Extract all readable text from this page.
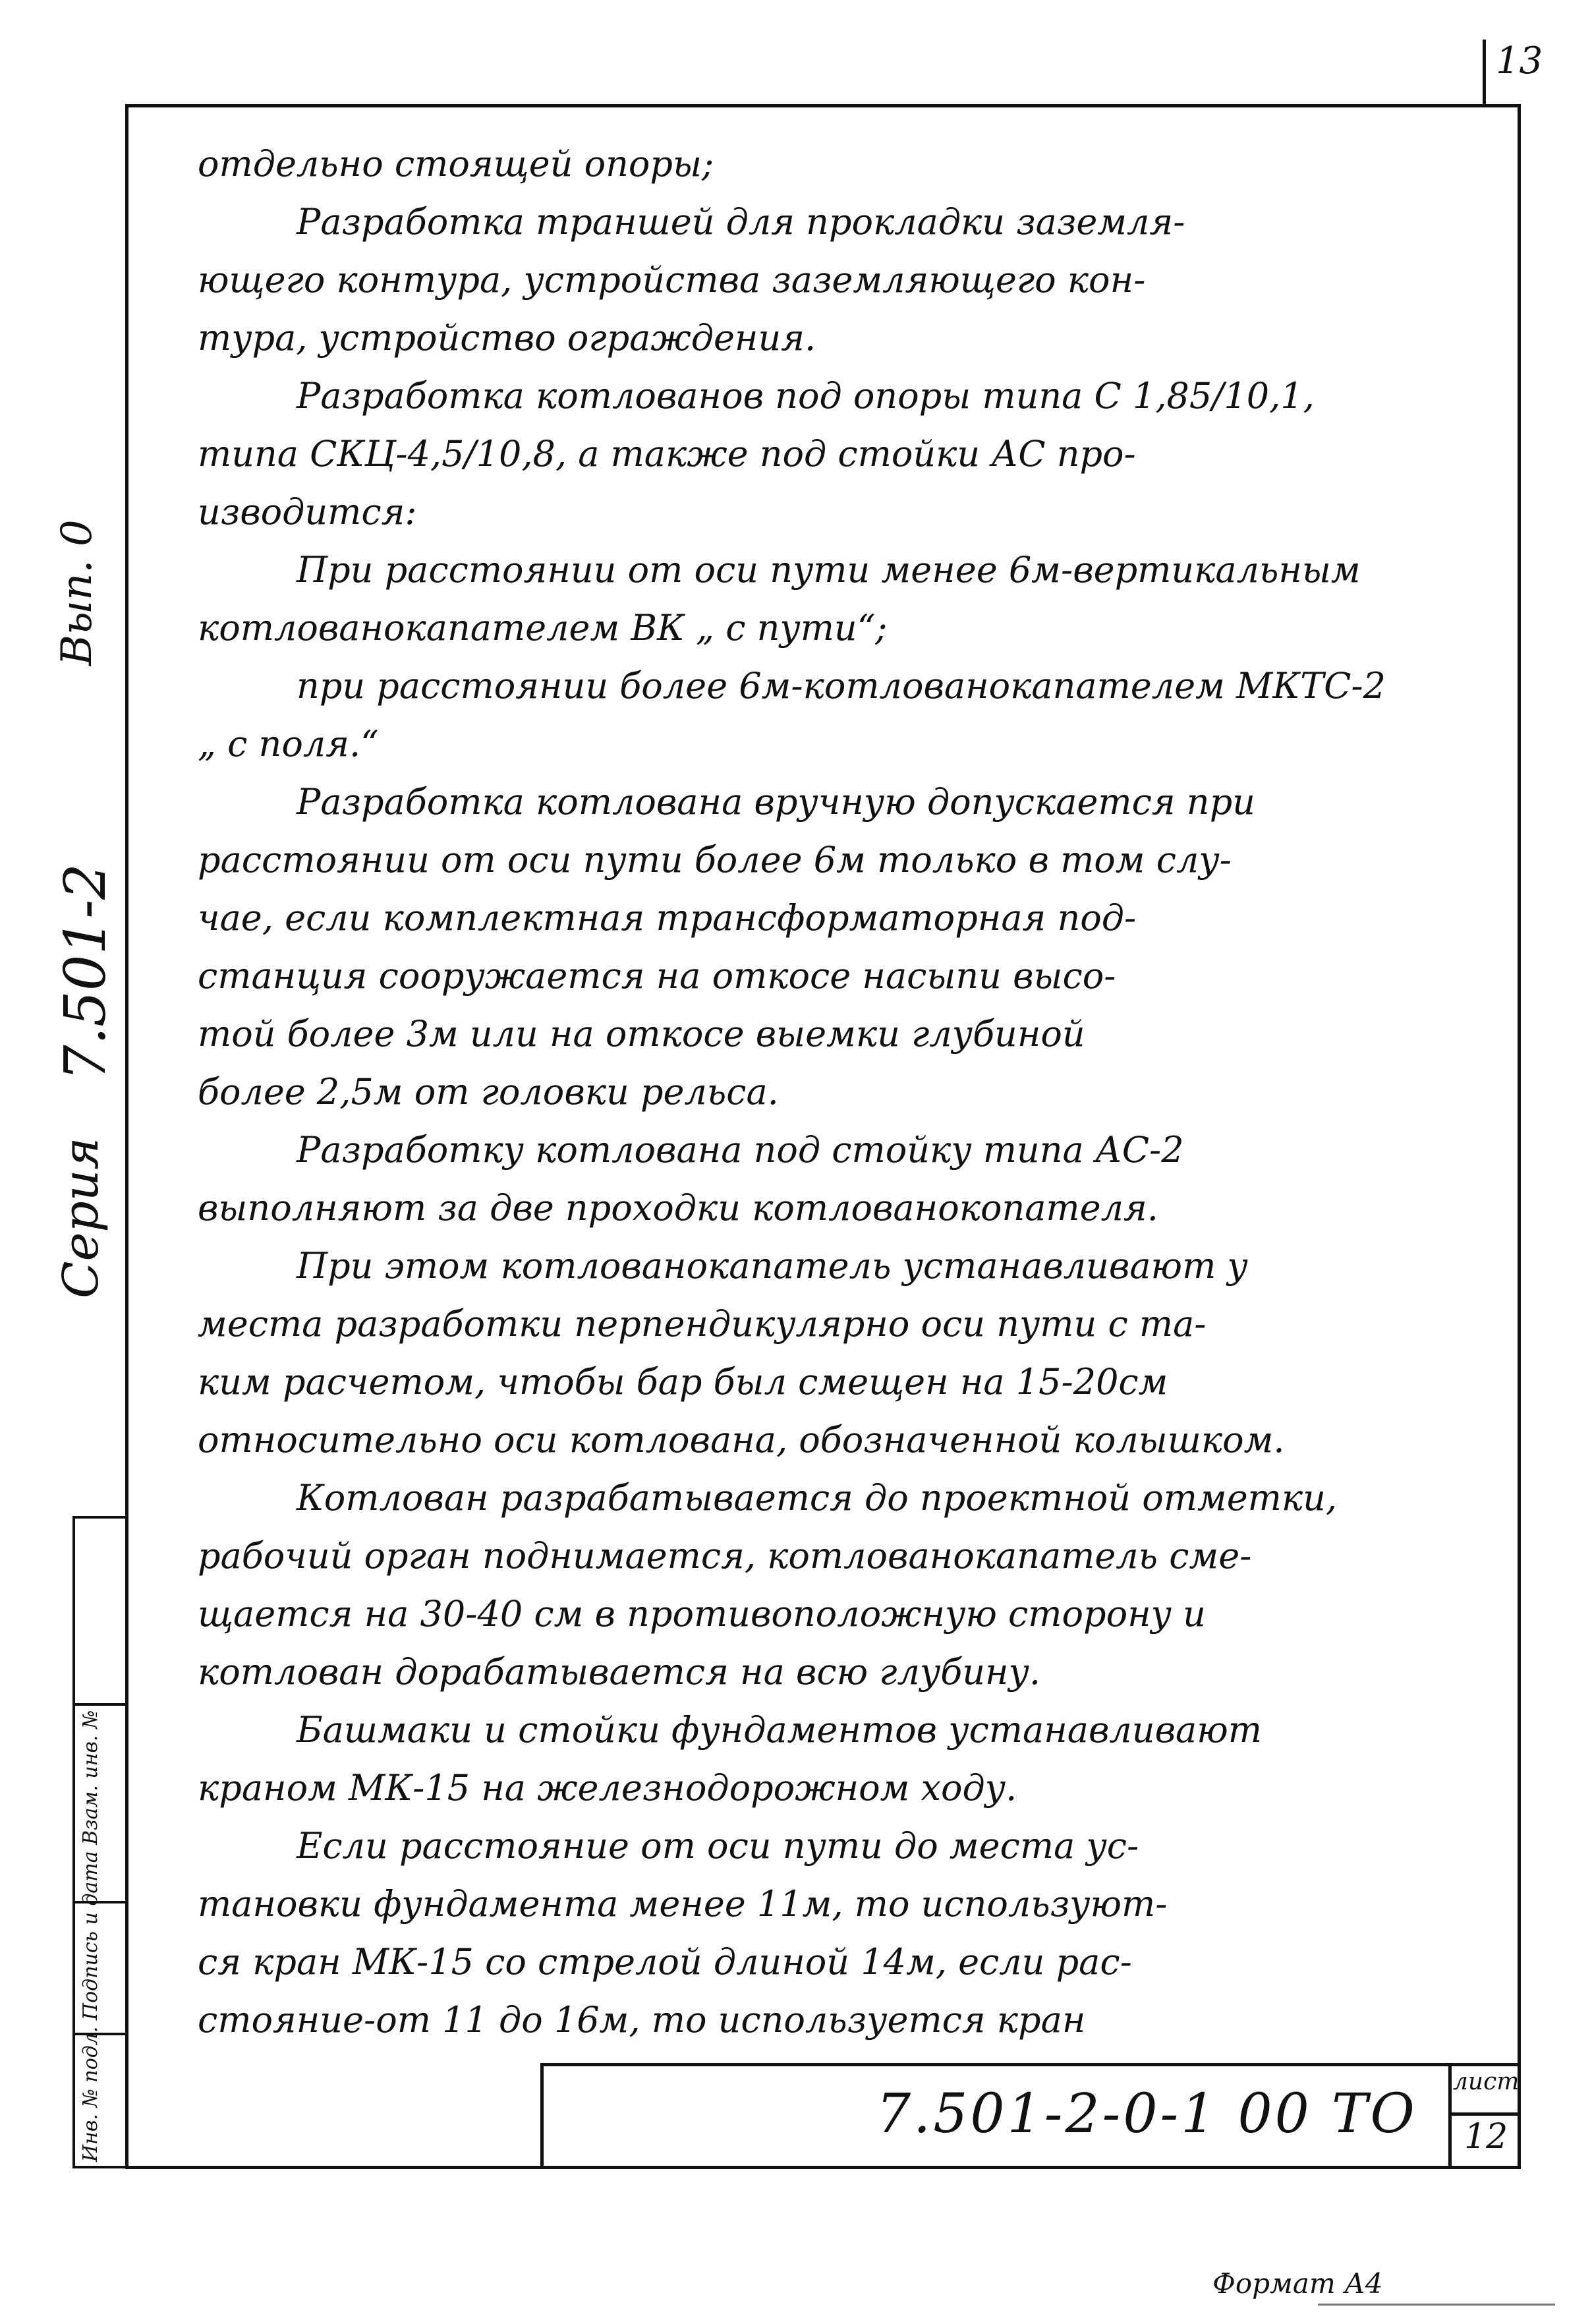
13
Вып. 0
7.501-2
Серия
Инв. № подл. Подпись и дата Взам. инв. №
отдельно стоящей опоры;
Разработка траншей для прокладки заземля-
ющего контура, устройства заземляющего кон-
тура, устройство ограждения.
Разработка котлованов под опоры типа С 1,85/10,1,
типа СКЦ-4,5/10,8, а также под стойки АС про-
изводится:
При расстоянии от оси пути менее 6м-вертикальным
котлованокапателем ВК „ с пути“;
при расстоянии более 6м-котлованокапателем МКТС-2
„ с поля.“
Разработка котлована вручную допускается при
расстоянии от оси пути более 6м только в том слу-
чае, если комплектная трансформаторная под-
станция сооружается на откосе насыпи высо-
той более 3м или на откосе выемки глубиной
более 2,5м от головки рельса.
Разработку котлована под стойку типа АС-2
выполняют за две проходки котлованокопателя.
При этом котлованокапатель устанавливают у
места разработки перпендикулярно оси пути с та-
ким расчетом, чтобы бар был смещен на 15-20см
относительно оси котлована, обозначенной колышком.
Котлован разрабатывается до проектной отметки,
рабочий орган поднимается, котлованокапатель сме-
щается на 30-40 см в противоположную сторону и
котлован дорабатывается на всю глубину.
Башмаки и стойки фундаментов устанавливают
краном МК-15 на железнодорожном ходу.
Если расстояние от оси пути до места ус-
тановки фундамента менее 11м, то используют-
ся кран МК-15 со стрелой длиной 14м, если рас-
стояние-от 11 до 16м, то используется кран
7.501-2-0-1 00 ТО
лист
12
Формат А4
